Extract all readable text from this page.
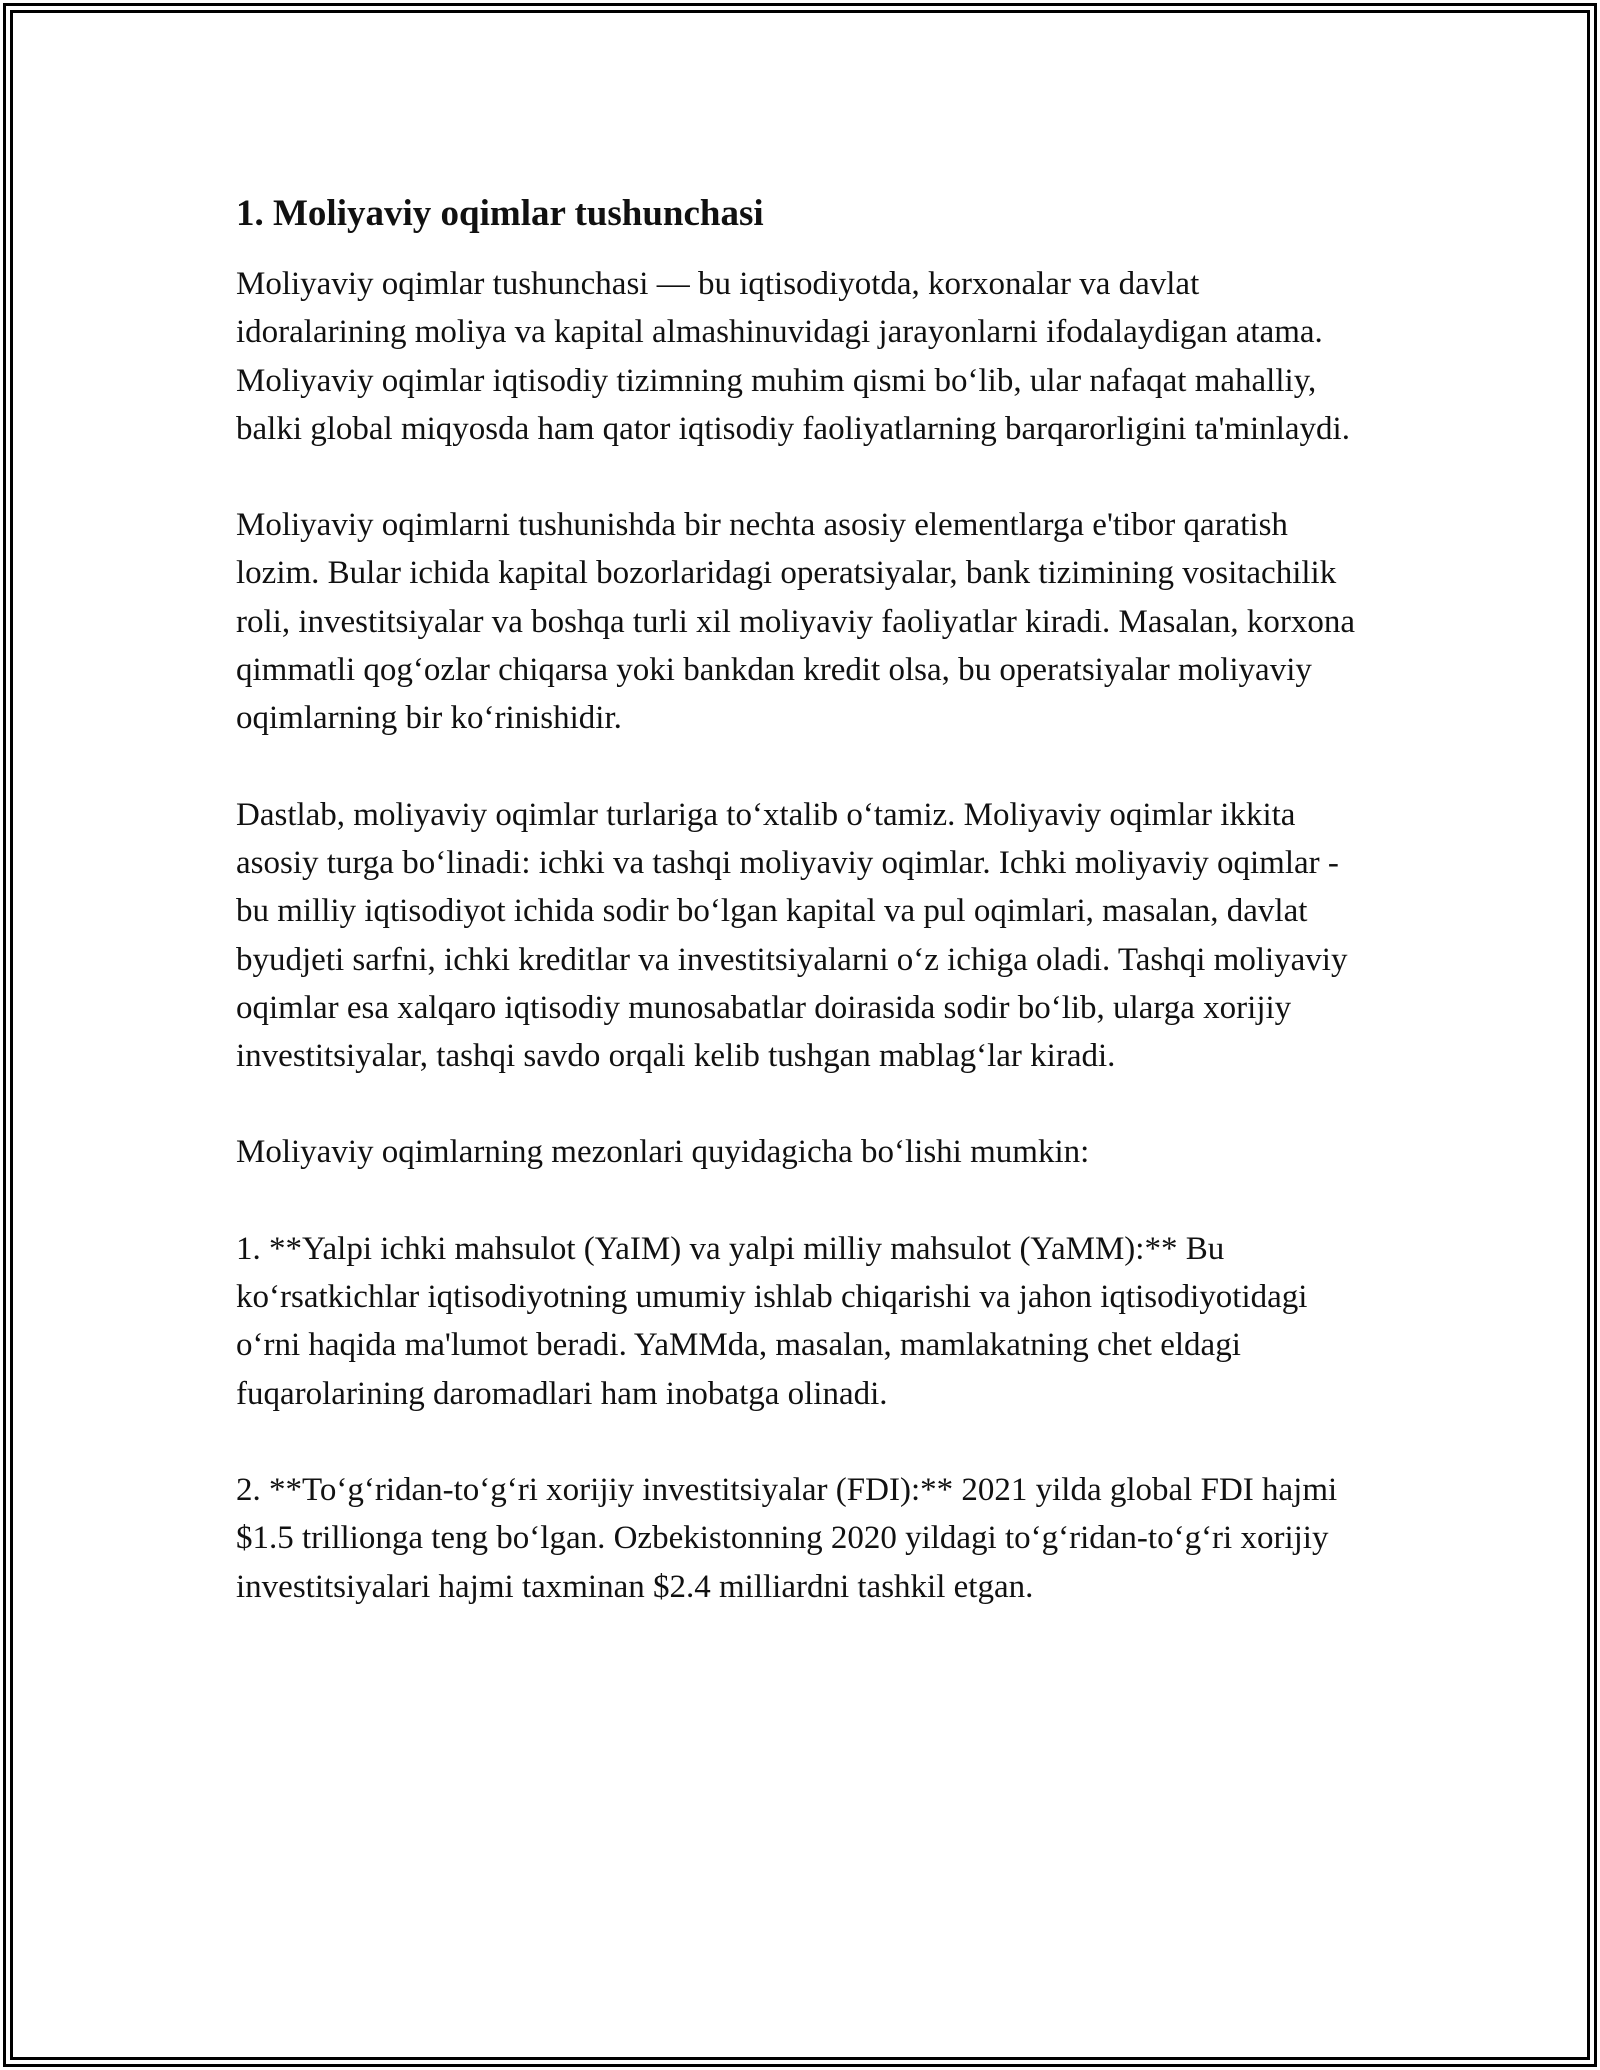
1. Moliyaviy oqimlar tushunchasi

Moliyaviy oqimlar tushunchasi — bu iqtisodiyotda, korxonalar va davlat idoralarining moliya va kapital almashinuvidagi jarayonlarni ifodalaydigan atama. Moliyaviy oqimlar iqtisodiy tizimning muhim qismi bo‘lib, ular nafaqat mahalliy, balki global miqyosda ham qator iqtisodiy faoliyatlarning barqarorligini ta'minlaydi.

Moliyaviy oqimlarni tushunishda bir nechta asosiy elementlarga e'tibor qaratish lozim. Bular ichida kapital bozorlaridagi operatsiyalar, bank tizimining vositachilik roli, investitsiyalar va boshqa turli xil moliyaviy faoliyatlar kiradi. Masalan, korxona qimmatli qog‘ozlar chiqarsa yoki bankdan kredit olsa, bu operatsiyalar moliyaviy oqimlarning bir ko‘rinishidir.

Dastlab, moliyaviy oqimlar turlariga to‘xtalib o‘tamiz. Moliyaviy oqimlar ikkita asosiy turga bo‘linadi: ichki va tashqi moliyaviy oqimlar. Ichki moliyaviy oqimlar - bu milliy iqtisodiyot ichida sodir bo‘lgan kapital va pul oqimlari, masalan, davlat byudjeti sarfni, ichki kreditlar va investitsiyalarni o‘z ichiga oladi. Tashqi moliyaviy oqimlar esa xalqaro iqtisodiy munosabatlar doirasida sodir bo‘lib, ularga xorijiy investitsiyalar, tashqi savdo orqali kelib tushgan mablag‘lar kiradi.

Moliyaviy oqimlarning mezonlari quyidagicha bo‘lishi mumkin:

1. **Yalpi ichki mahsulot (YaIM) va yalpi milliy mahsulot (YaMM):** Bu ko‘rsatkichlar iqtisodiyotning umumiy ishlab chiqarishi va jahon iqtisodiyotidagi o‘rni haqida ma'lumot beradi. YaMMda, masalan, mamlakatning chet eldagi fuqarolarining daromadlari ham inobatga olinadi.

2. **To‘g‘ridan-to‘g‘ri xorijiy investitsiyalar (FDI):** 2021 yilda global FDI hajmi $1.5 trillionga teng bo‘lgan. Ozbekistonning 2020 yildagi to‘g‘ridan-to‘g‘ri xorijiy investitsiyalari hajmi taxminan $2.4 milliardni tashkil etgan.
